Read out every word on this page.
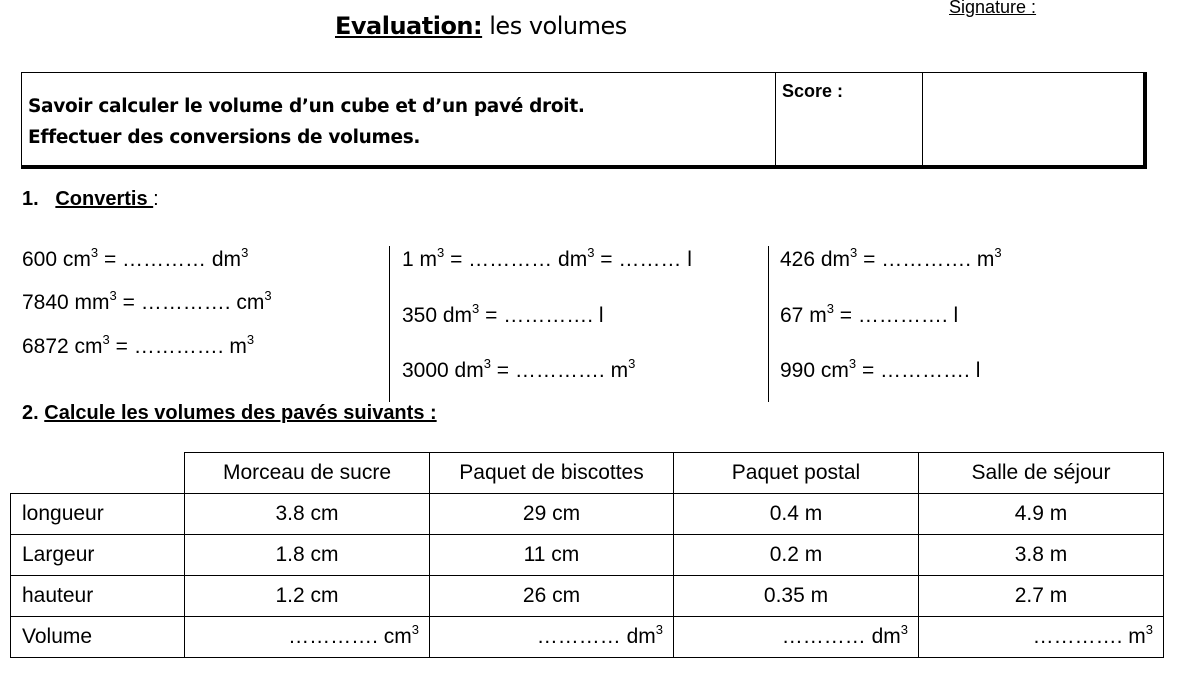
Evaluation: les volumes
Signature :
Savoir calculer le volume d’un cube et d’un pavé droit.
Effectuer des conversions de volumes.
Score :
1. Convertis :
600 $cm^3$ = ………… $dm^3$
7840 $mm^3$ = …………. $cm^3$
6872 $cm^3$ = …………. $m^3$
1 $m^3$ = ………… $dm^3$ = ……… l
350 $dm^3$ = …………. l
3000 $dm^3$ = …………. $m^3$
426 $dm^3$ = …………. $m^3$
67 $m^3$ = …………. l
990 $cm^3$ = …………. l
2. Calcule les volumes des pavés suivants :
	Morceau de sucre	Paquet de biscottes	Paquet postal	Salle de séjour
longueur	3.8 cm	29 cm	0.4 m	4.9 m
Largeur	1.8 cm	11 cm	0.2 m	3.8 m
hauteur	1.2 cm	26 cm	0.35 m	2.7 m
Volume	…………. $cm^3$	………… $dm^3$	………… $dm^3$	…………. $m^3$
